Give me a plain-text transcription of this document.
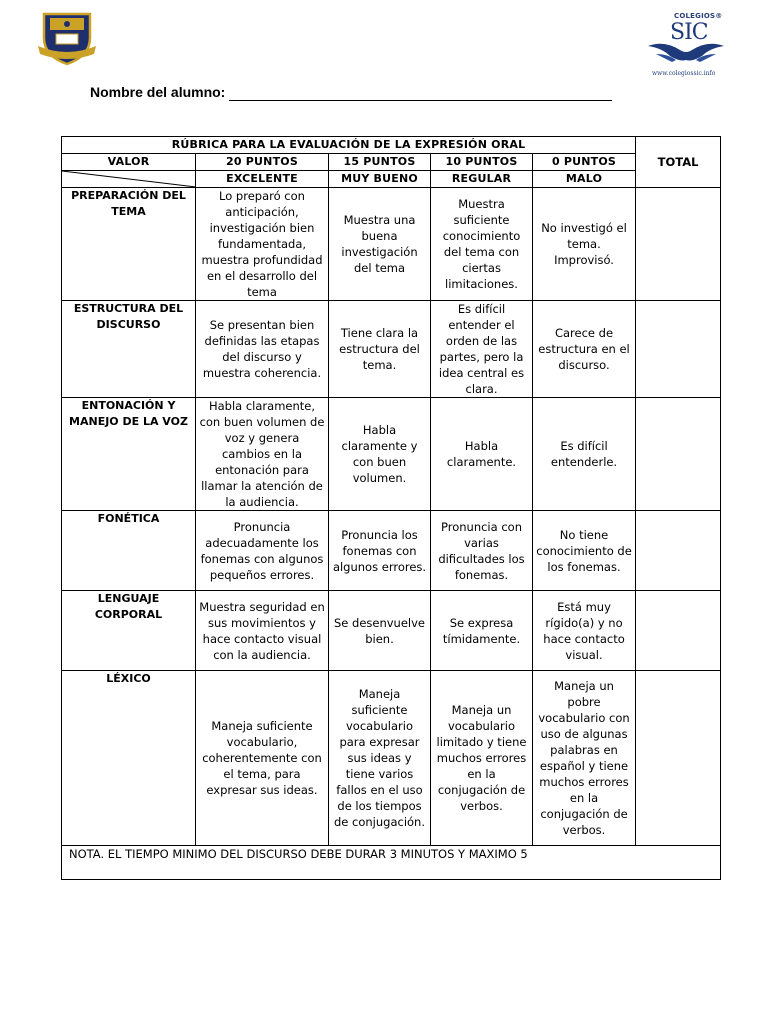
COLEGIOS®
SIC
www.colegiossic.info
Nombre del alumno:
RÚBRICA PARA LA EVALUACIÓN DE LA EXPRESIÓN ORAL					TOTAL
VALOR	20 PUNTOS	15 PUNTOS	10 PUNTOS	0 PUNTOS	

	EXCELENTE	MUY BUENO	REGULAR	MALO	
PREPARACIÓN DEL TEMA	Lo preparó con anticipación, investigación bien fundamentada, muestra profundidad en el desarrollo del tema	Muestra una buena investigación del tema	Muestra suficiente conocimiento del tema con ciertas limitaciones.	No investigó el tema. Improvisó.	
ESTRUCTURA DEL DISCURSO	Se presentan bien definidas las etapas del discurso y muestra coherencia.	Tiene clara la estructura del tema.	Es difícil entender el orden de las partes, pero la idea central es clara.	Carece de estructura en el discurso.	
ENTONACIÓN Y MANEJO DE LA VOZ	Habla claramente, con buen volumen de voz y genera cambios en la entonación para llamar la atención de la audiencia.	Habla claramente y con buen volumen.	Habla claramente.	Es difícil entenderle.	
FONÉTICA	Pronuncia adecuadamente los fonemas con algunos pequeños errores.	Pronuncia los fonemas con algunos errores.	Pronuncia con varias dificultades los fonemas.	No tiene conocimiento de los fonemas.	
LENGUAJE CORPORAL	Muestra seguridad en sus movimientos y hace contacto visual con la audiencia.	Se desenvuelve bien.	Se expresa tímidamente.	Está muy rígido(a) y no hace contacto visual.	
LÉXICO	Maneja suficiente vocabulario, coherentemente con el tema, para expresar sus ideas.	Maneja suficiente vocabulario para expresar sus ideas y tiene varios fallos en el uso de los tiempos de conjugación.	Maneja un vocabulario limitado y tiene muchos errores en la conjugación de verbos.	Maneja un pobre vocabulario con uso de algunas palabras en español y tiene muchos errores en la conjugación de verbos.	
NOTA. EL TIEMPO MINIMO DEL DISCURSO DEBE DURAR 3 MINUTOS Y MAXIMO 5					
